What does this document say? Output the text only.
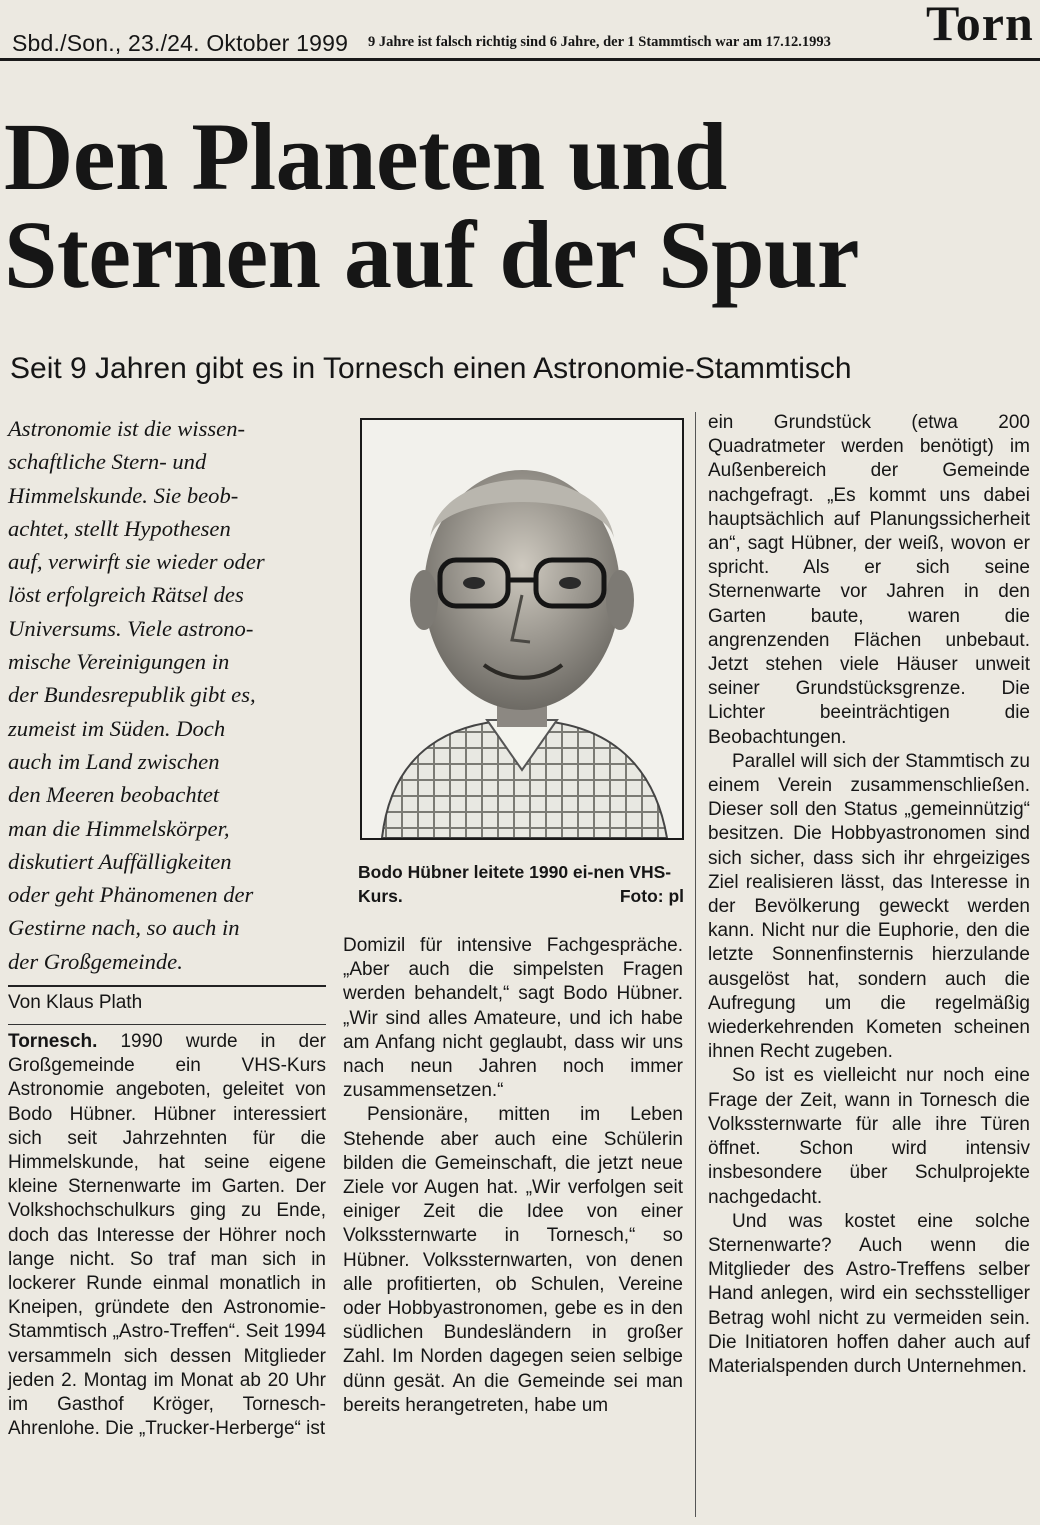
Sbd./Son., 23./24. Oktober 1999 9 Jahre ist falsch richtig sind 6 Jahre, der 1 Stammtisch war am 17.12.1993 Torn
Den Planeten und
Sternen auf der Spur
Seit 9 Jahren gibt es in Tornesch einen Astronomie-Stammtisch
Astronomie ist die wissen-
schaftliche Stern- und
Himmelskunde. Sie beob-
achtet, stellt Hypothesen
auf, verwirft sie wieder oder
löst erfolgreich Rätsel des
Universums. Viele astrono-
mische Vereinigungen in
der Bundesrepublik gibt es,
zumeist im Süden. Doch
auch im Land zwischen
den Meeren beobachtet
man die Himmelskörper,
diskutiert Auffälligkeiten
oder geht Phänomenen der
Gestirne nach, so auch in
der Großgemeinde.
Von Klaus Plath

Tornesch. 1990 wurde in der Großgemeinde ein VHS-Kurs Astronomie angeboten, geleitet von Bodo Hübner. Hübner interessiert sich seit Jahrzehnten für die Himmelskunde, hat seine eigene kleine Sternenwarte im Garten. Der Volkshochschulkurs ging zu Ende, doch das Interesse der Höhrer noch lange nicht. So traf man sich in lockerer Runde einmal monatlich in Kneipen, gründete den Astronomie-Stammtisch „Astro-Treffen“. Seit 1994 versammeln sich dessen Mitglieder jeden 2. Montag im Monat ab 20 Uhr im Gasthof Kröger, Tornesch-Ahrenlohe. Die „Trucker-Herberge“ ist

Bodo Hübner leitete 1990 ei-nen VHS-Kurs.	Foto: pl

Domizil für intensive Fachgespräche. „Aber auch die simpelsten Fragen werden behandelt,“ sagt Bodo Hübner. „Wir sind alles Amateure, und ich habe am Anfang nicht geglaubt, dass wir uns nach neun Jahren noch immer zusammensetzen.“

Pensionäre, mitten im Leben Stehende aber auch eine Schülerin bilden die Gemeinschaft, die jetzt neue Ziele vor Augen hat. „Wir verfolgen seit einiger Zeit die Idee von einer Volkssternwarte in Tornesch,“ so Hübner. Volkssternwarten, von denen alle profitierten, ob Schulen, Vereine oder Hobbyastronomen, gebe es in den südlichen Bundesländern in großer Zahl. Im Norden dagegen seien selbige dünn gesät. An die Gemeinde sei man bereits herangetreten, habe um

ein Grundstück (etwa 200 Quadratmeter werden benötigt) im Außenbereich der Gemeinde nachgefragt. „Es kommt uns dabei hauptsächlich auf Planungssicherheit an“, sagt Hübner, der weiß, wovon er spricht. Als er sich seine Sternenwarte vor Jahren in den Garten baute, waren die angrenzenden Flächen unbebaut. Jetzt stehen viele Häuser unweit seiner Grundstücksgrenze. Die Lichter beeinträchtigen die Beobachtungen.

Parallel will sich der Stammtisch zu einem Verein zusammenschließen. Dieser soll den Status „gemeinnützig“ besitzen. Die Hobbyastronomen sind sich sicher, dass sich ihr ehrgeiziges Ziel realisieren lässt, das Interesse in der Bevölkerung geweckt werden kann. Nicht nur die Euphorie, den die letzte Sonnenfinsternis hierzulande ausgelöst hat, sondern auch die Aufregung um die regelmäßig wiederkehrenden Kometen scheinen ihnen Recht zugeben.

So ist es vielleicht nur noch eine Frage der Zeit, wann in Tornesch die Volkssternwarte für alle ihre Türen öffnet. Schon wird intensiv insbesondere über Schulprojekte nachgedacht.

Und was kostet eine solche Sternenwarte? Auch wenn die Mitglieder des Astro-Treffens selber Hand anlegen, wird ein sechsstelliger Betrag wohl nicht zu vermeiden sein. Die Initiatoren hoffen daher auch auf Materialspenden durch Unternehmen.
